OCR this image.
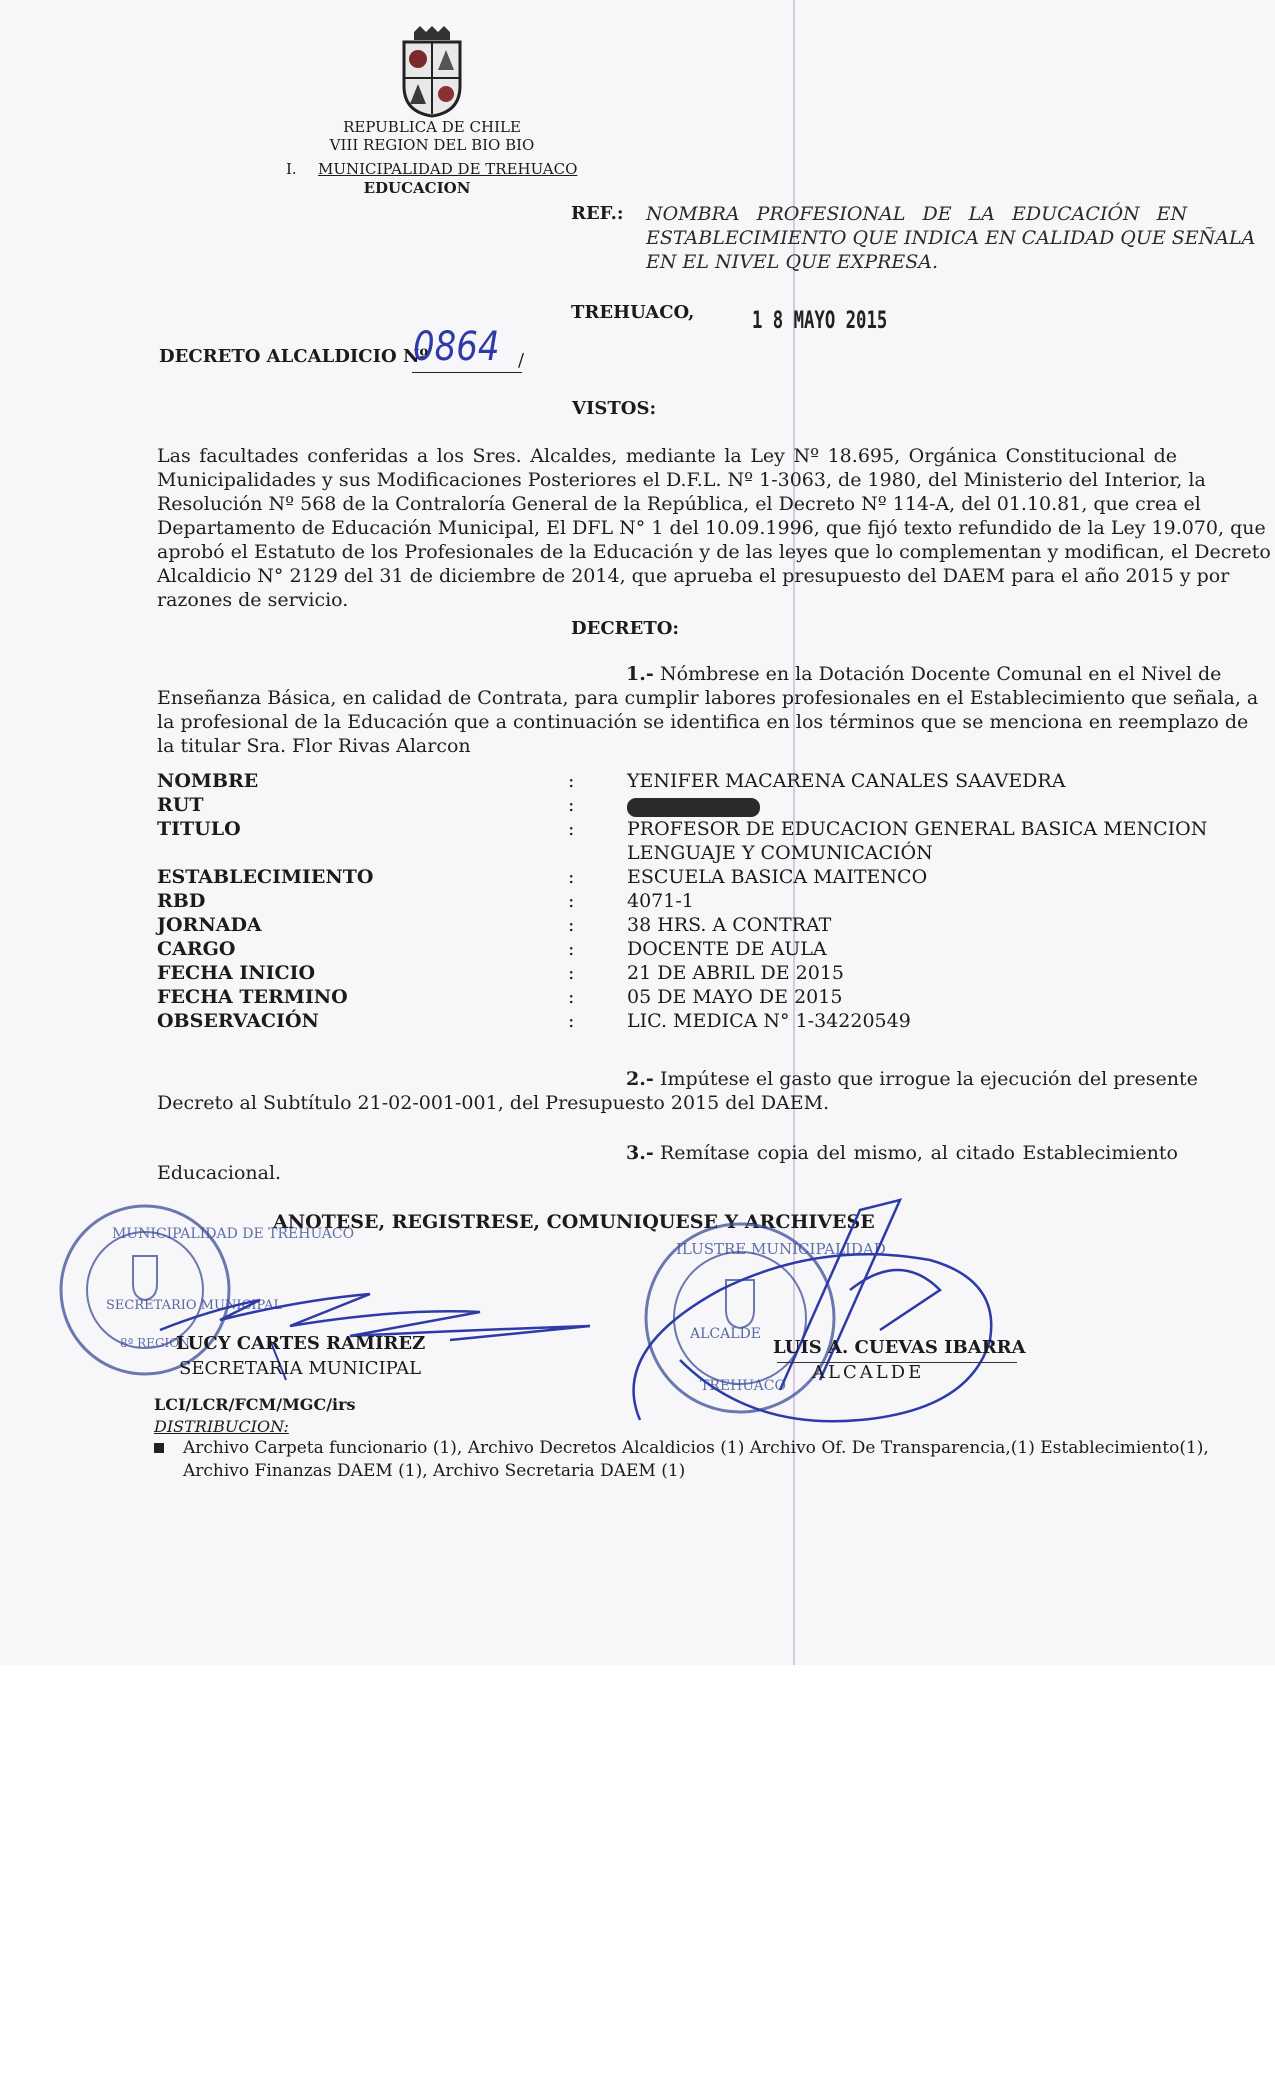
REPUBLICA DE CHILE
VIII REGION DEL BIO BIO
I. MUNICIPALIDAD DE TREHUACO
EDUCACION
REF.: NOMBRA PROFESIONAL DE LA EDUCACIÓN EN
ESTABLECIMIENTO QUE INDICA EN CALIDAD QUE SEÑALA
EN EL NIVEL QUE EXPRESA.
TREHUACO, 1 8 MAYO 2015
DECRETO ALCALDICIO Nº
0864 /
VISTOS:
Las facultades conferidas a los Sres. Alcaldes, mediante la Ley Nº 18.695, Orgánica Constitucional de
Municipalidades y sus Modificaciones Posteriores el D.F.L. Nº 1-3063, de 1980, del Ministerio del Interior, la
Resolución Nº 568 de la Contraloría General de la República, el Decreto Nº 114-A, del 01.10.81, que crea el
Departamento de Educación Municipal, El DFL N° 1 del 10.09.1996, que fijó texto refundido de la Ley 19.070, que
aprobó el Estatuto de los Profesionales de la Educación y de las leyes que lo complementan y modifican, el Decreto
Alcaldicio N° 2129 del 31 de diciembre de 2014, que aprueba el presupuesto del DAEM para el año 2015 y por
razones de servicio.
DECRETO:
1.- Nómbrese en la Dotación Docente Comunal en el Nivel de
Enseñanza Básica, en calidad de Contrata, para cumplir labores profesionales en el Establecimiento que señala, a
la profesional de la Educación que a continuación se identifica en los términos que se menciona en reemplazo de
la titular Sra. Flor Rivas Alarcon
NOMBRE	:	YENIFER MACARENA CANALES SAAVEDRA
RUT	:
TITULO	:	PROFESOR DE EDUCACION GENERAL BASICA MENCION
LENGUAJE Y COMUNICACIÓN
ESTABLECIMIENTO	:	ESCUELA BASICA MAITENCO
RBD	:	4071-1
JORNADA	:	38 HRS. A CONTRAT
CARGO	:	DOCENTE DE AULA
FECHA INICIO	:	21 DE ABRIL DE 2015
FECHA TERMINO	:	05 DE MAYO DE 2015
OBSERVACIÓN	:	LIC. MEDICA N° 1-34220549
2.- Impútese el gasto que irrogue la ejecución del presente
Decreto al Subtítulo 21-02-001-001, del Presupuesto 2015 del DAEM.
3.- Remítase copia del mismo, al citado Establecimiento
Educacional.
ANOTESE, REGISTRESE, COMUNIQUESE Y ARCHIVESE
MUNICIPALIDAD DE TREHUACO
SECRETARIO MUNICIPAL
8ª REGION
ILUSTRE MUNICIPALIDAD
ALCALDE
TREHUACO
LUCY CARTES RAMIREZ
SECRETARIA MUNICIPAL
LUIS A. CUEVAS IBARRA
ALCALDE
LCI/LCR/FCM/MGC/irs
DISTRIBUCION:
Archivo Carpeta funcionario (1), Archivo Decretos Alcaldicios (1) Archivo Of. De Transparencia,(1) Establecimiento(1),
Archivo Finanzas DAEM (1), Archivo Secretaria DAEM (1)
